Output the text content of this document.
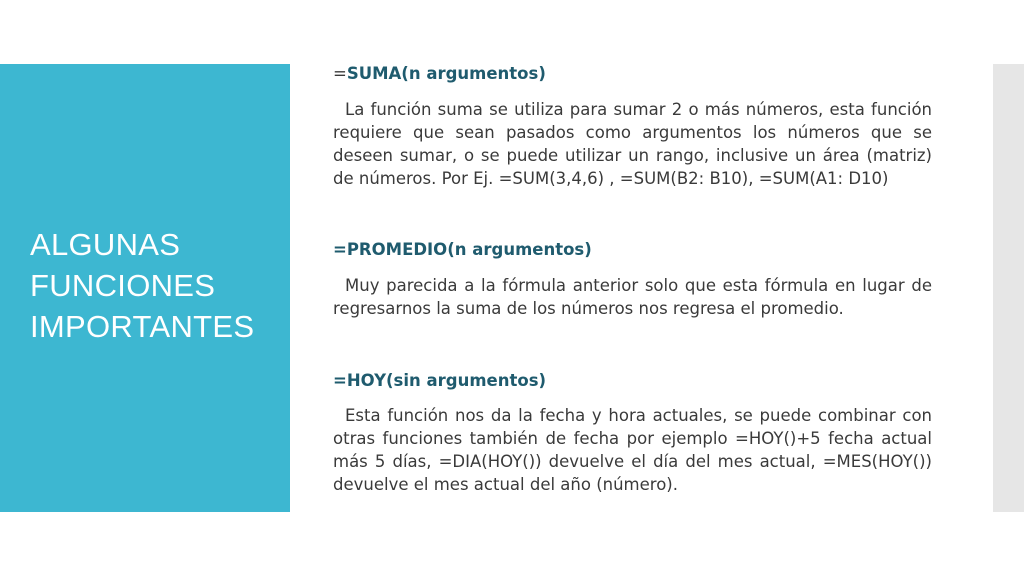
ALGUNAS FUNCIONES IMPORTANTES

=SUMA(n argumentos)

La función suma se utiliza para sumar 2 o más números, esta función requiere que sean pasados como argumentos los números que se deseen sumar, o se puede utilizar un rango, inclusive un área (matriz) de números. Por Ej. =SUM(3,4,6) , =SUM(B2: B10), =SUM(A1: D10)

=PROMEDIO(n argumentos)

Muy parecida a la fórmula anterior solo que esta fórmula en lugar de regresarnos la suma de los números nos regresa el promedio.

=HOY(sin argumentos)

Esta función nos da la fecha y hora actuales, se puede combinar con otras funciones también de fecha por ejemplo =HOY()+5 fecha actual más 5 días, =DIA(HOY()) devuelve el día del mes actual, =MES(HOY()) devuelve el mes actual del año (número).
